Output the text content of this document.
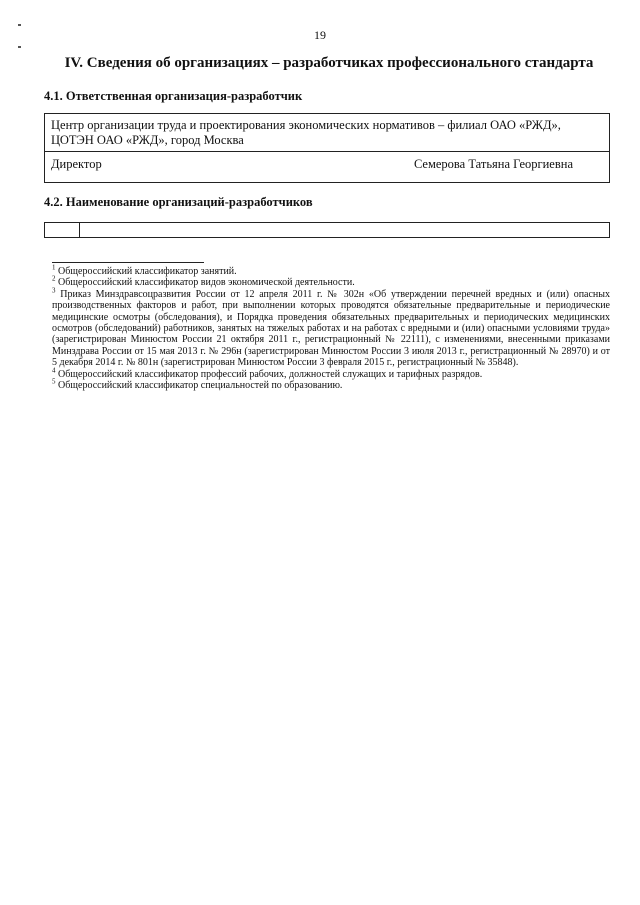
19
IV. Сведения об организациях – разработчиках профессионального стандарта
4.1. Ответственная организация-разработчик
Центр организации труда и проектирования экономических нормативов – филиал ОАО «РЖД», ЦОТЭН ОАО «РЖД», город Москва
Директор	Семерова Татьяна Георгиевна
4.2. Наименование организаций-разработчиков

$^1$ Общероссийский классификатор занятий.

$^2$ Общероссийский классификатор видов экономической деятельности.

$^3$ Приказ Минздравсоцразвития России от 12 апреля 2011 г. № 302н «Об утверждении перечней вредных и (или) опасных производственных факторов и работ, при выполнении которых проводятся обязательные предварительные и периодические медицинские осмотры (обследования), и Порядка проведения обязательных предварительных и периодических медицинских осмотров (обследований) работников, занятых на тяжелых работах и на работах с вредными и (или) опасными условиями труда» (зарегистрирован Минюстом России 21 октября 2011 г., регистрационный № 22111), с изменениями, внесенными приказами Минздрава России от 15 мая 2013 г. № 296н (зарегистрирован Минюстом России 3 июля 2013 г., регистрационный № 28970) и от 5 декабря 2014 г. № 801н (зарегистрирован Минюстом России 3 февраля 2015 г., регистрационный № 35848).

$^4$ Общероссийский классификатор профессий рабочих, должностей служащих и тарифных разрядов.

$^5$ Общероссийский классификатор специальностей по образованию.
